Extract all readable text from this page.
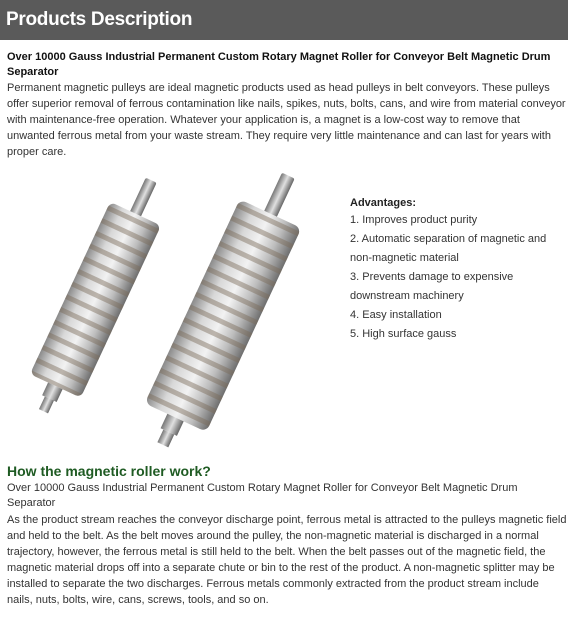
Products Description
Over 10000 Gauss Industrial Permanent Custom Rotary Magnet Roller for Conveyor Belt Magnetic Drum Separator
Permanent magnetic pulleys are ideal magnetic products used as head pulleys in belt conveyors. These pulleys offer superior removal of ferrous contamination like nails, spikes, nuts, bolts, cans, and wire from material conveyor with maintenance-free operation. Whatever your application is, a magnet is a low-cost way to remove that unwanted ferrous metal from your waste stream. They require very little maintenance and can last for years with proper care.
Advantages:
1. Improves product purity
2. Automatic separation of magnetic and non-magnetic material
3. Prevents damage to expensive downstream machinery
4. Easy installation
5. High surface gauss
How the magnetic roller work?
Over 10000 Gauss Industrial Permanent Custom Rotary Magnet Roller for Conveyor Belt Magnetic Drum Separator
As the product stream reaches the conveyor discharge point, ferrous metal is attracted to the pulleys magnetic field and held to the belt. As the belt moves around the pulley, the non-magnetic material is discharged in a normal trajectory, however, the ferrous metal is still held to the belt. When the belt passes out of the magnetic field, the magnetic material drops off into a separate chute or bin to the rest of the product. A non-magnetic splitter may be installed to separate the two discharges. Ferrous metals commonly extracted from the product stream include nails, nuts, bolts, wire, cans, screws, tools, and so on.
